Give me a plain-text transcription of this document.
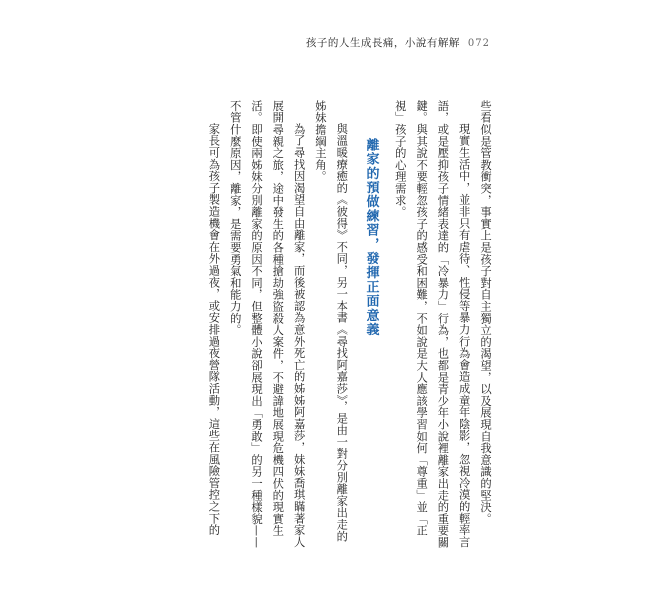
孩子的人生成長痛，小說有解解 072

些看似是管教衝突，事實上是孩子對自主獨立的渴望，以及展現自我意識的堅決。

現實生活中，並非只有虐待、性侵等暴力行為會造成童年陰影，忽視冷漠的輕率言語，或是壓抑孩子情緒表達的「冷暴力」行為，也都是青少年小說裡離家出走的重要關鍵。與其說不要輕忽孩子的感受和困難，不如說是大人應該學習如何「尊重」並「正視」孩子的心理需求。

離家的預做練習，發揮正面意義

與溫暖療癒的《彼得》不同，另一本書《尋找阿嘉莎》，是由一對分別離家出走的姊妹擔綱主角。

為了尋找因渴望自由離家，而後被認為意外死亡的姊姊阿嘉莎，妹妹喬琪瞞著家人展開尋親之旅，途中發生的各種搶劫強盜殺人案件，不避諱地展現危機四伏的現實生活。即使兩姊妹分別離家的原因不同，但整體小說卻展現出「勇敢」的另一種樣貌——不管什麼原因，離家，是需要勇氣和能力的。

家長可為孩子製造機會在外過夜，或安排過夜營隊活動，這些在風險管控之下的
